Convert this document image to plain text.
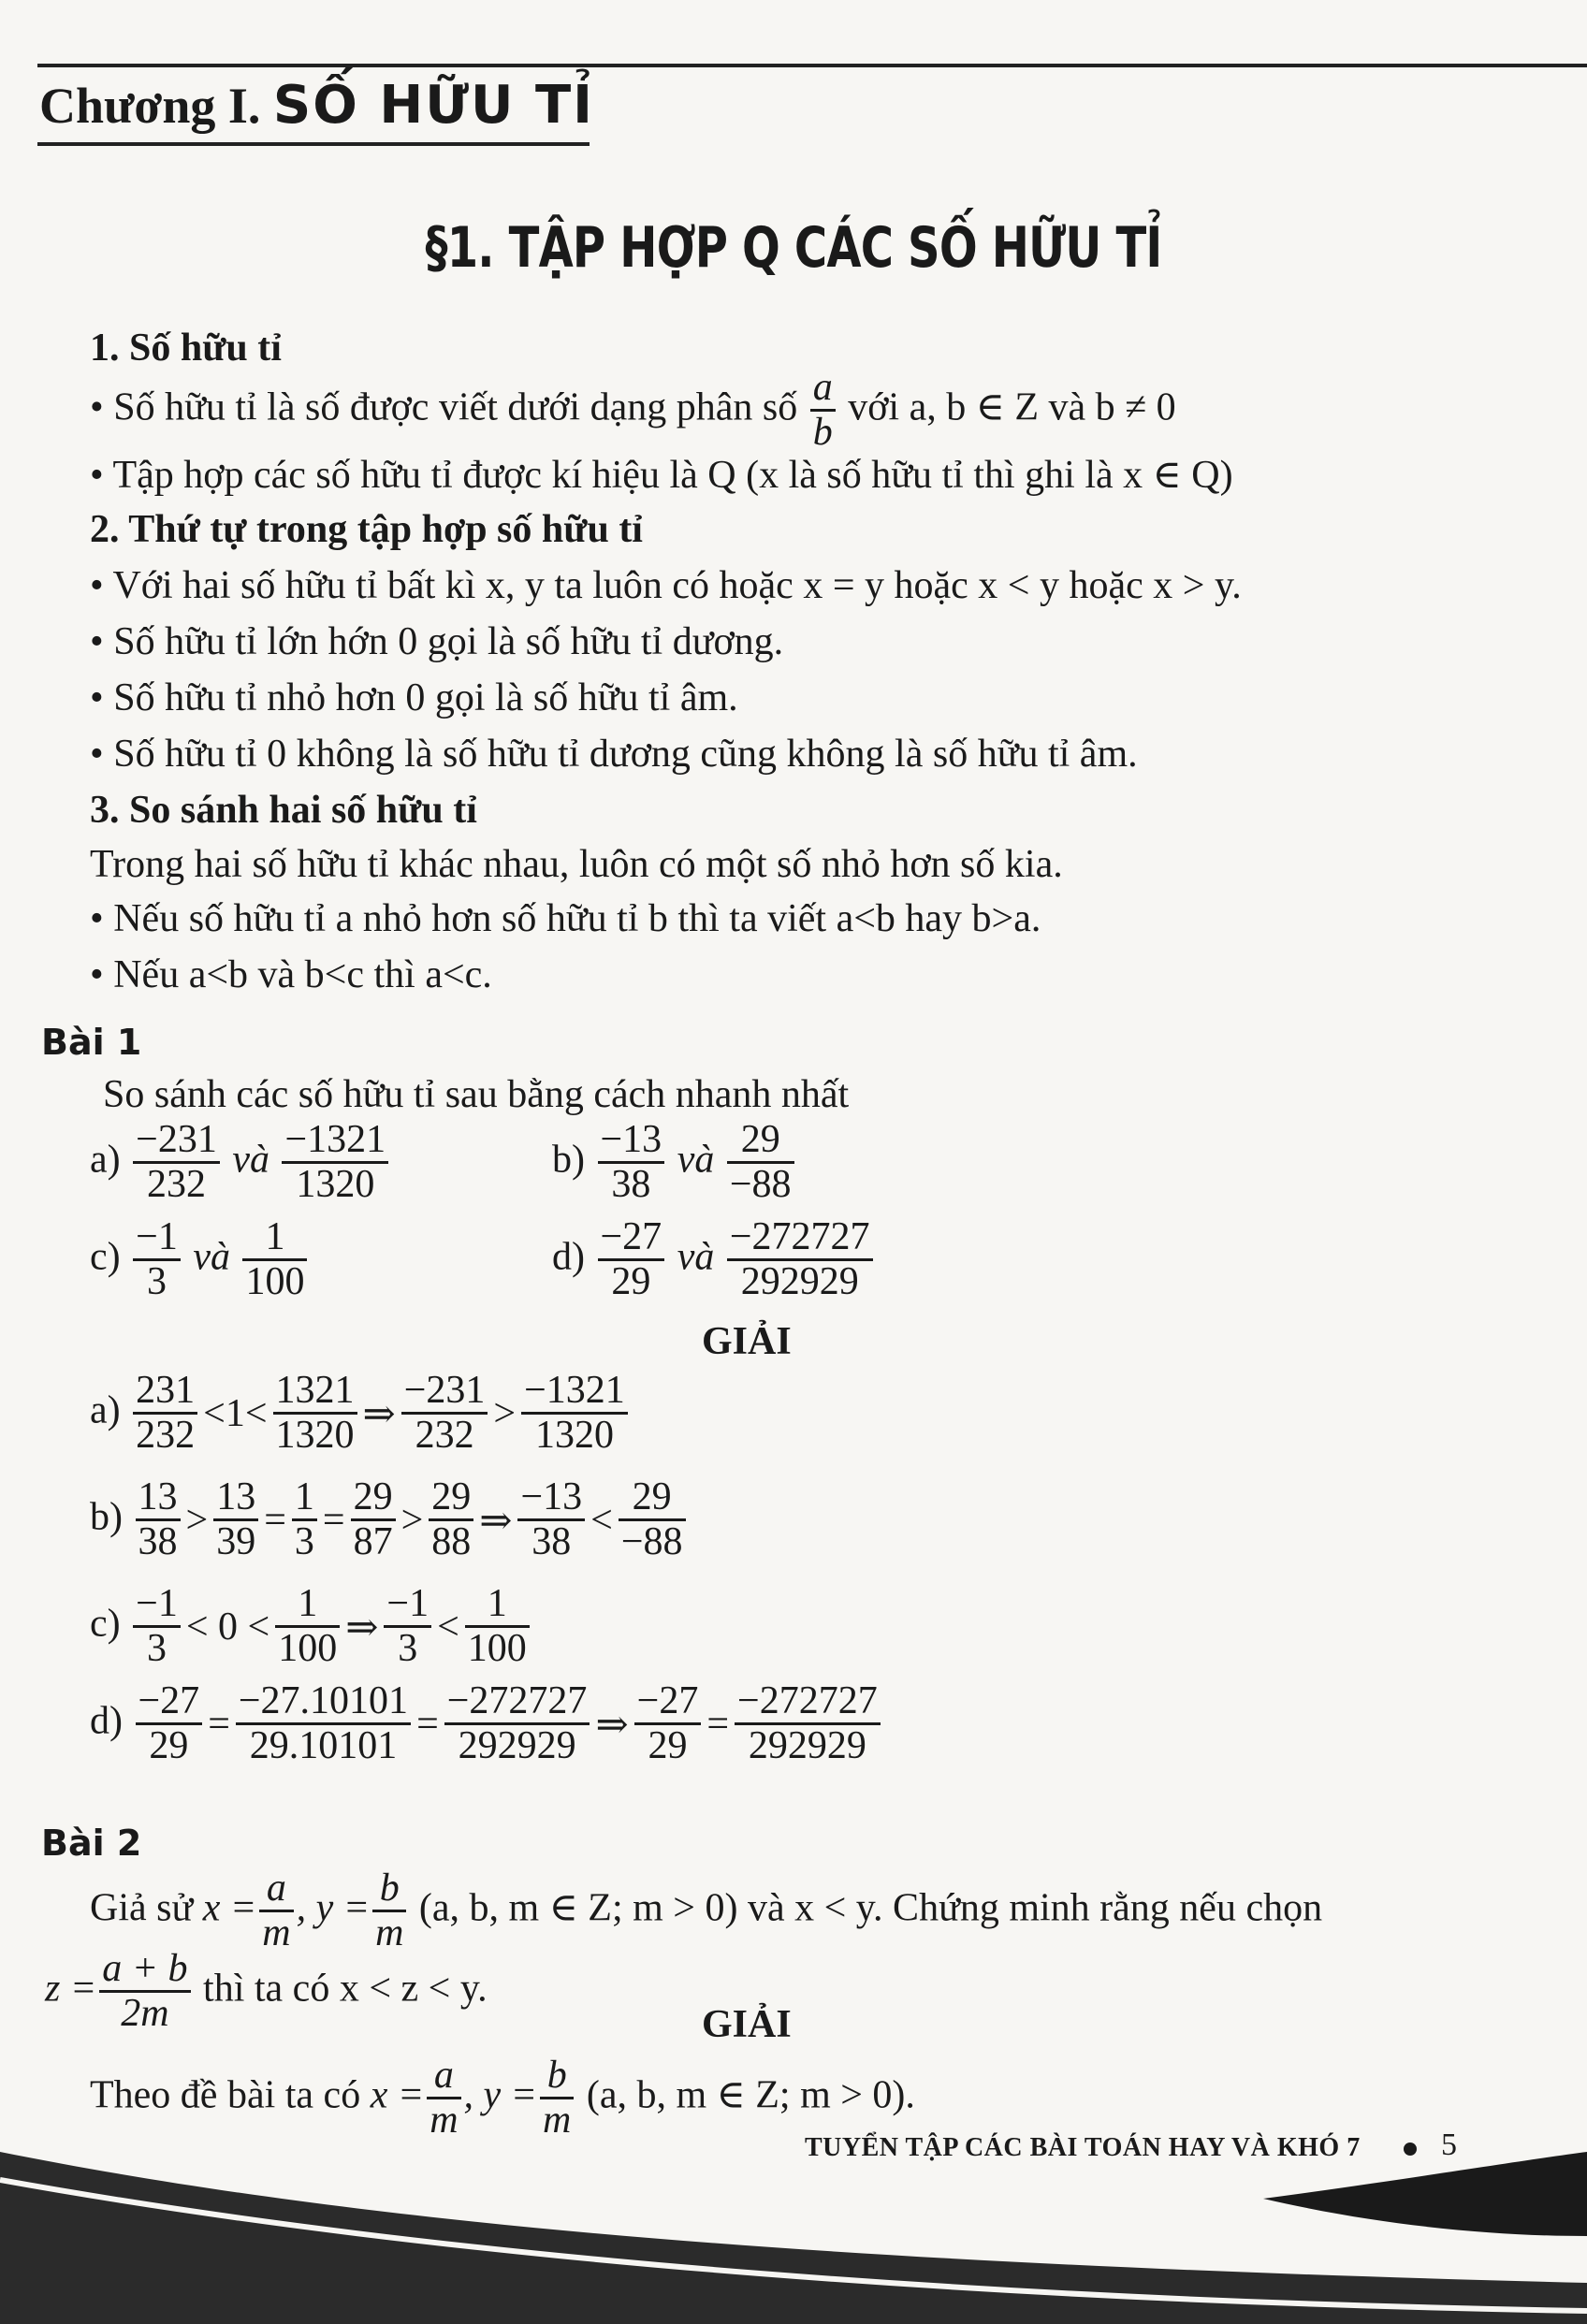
Chương I. SỐ HỮU TỈ
§1. TẬP HỢP Q CÁC SỐ HỮU TỈ
1. Số hữu tỉ
• Số hữu tỉ là số được viết dưới dạng phân số $\frac{a}{b}$ với a, b ∈ Z và b ≠ 0
• Tập hợp các số hữu tỉ được kí hiệu là Q (x là số hữu tỉ thì ghi là x ∈ Q)
2. Thứ tự trong tập hợp số hữu tỉ
• Với hai số hữu tỉ bất kì x, y ta luôn có hoặc x = y hoặc x < y hoặc x > y.
• Số hữu tỉ lớn hớn 0 gọi là số hữu tỉ dương.
• Số hữu tỉ nhỏ hơn 0 gọi là số hữu tỉ âm.
• Số hữu tỉ 0 không là số hữu tỉ dương cũng không là số hữu tỉ âm.
3. So sánh hai số hữu tỉ
Trong hai số hữu tỉ khác nhau, luôn có một số nhỏ hơn số kia.
• Nếu số hữu tỉ a nhỏ hơn số hữu tỉ b thì ta viết a<b hay b>a.
• Nếu a<b và b<c thì a<c.
Bài 1
So sánh các số hữu tỉ sau bằng cách nhanh nhất
$a) \frac{-231}{232}$ và $\frac{-1321}{1320}$	$b) \frac{-13}{38}$ và $\frac{29}{-88}$
$c) \frac{-1}{3}$ và $\frac{1}{100}$	$d) \frac{-27}{29}$ và $\frac{-272727}{292929}$
GIẢI
$a) \frac{231}{232} <1< \frac{1321}{1320}$ ⇒ $\frac{-231}{232} > \frac{-1321}{1320}$
$b) \frac{13}{38} > \frac{13}{39} = \frac{1}{3} = \frac{29}{87} > \frac{29}{88}$ ⇒ $\frac{-13}{38} < \frac{29}{-88}$
$c) \frac{-1}{3} < 0 < \frac{1}{100}$ ⇒ $\frac{-1}{3} < \frac{1}{100}$
$d) \frac{-27}{29} = \frac{-27.10101}{29.10101} = \frac{-272727}{292929}$ ⇒ $\frac{-27}{29} = \frac{-272727}{292929}$
Bài 2
Giả sử $x = \frac{a}{m}$ , $y = \frac{b}{m} (a$, b, m ∈ Z; m > 0) và x < y. Chứng minh rằng nếu chọn
$z = \frac{a + b}{2m}$ thì ta có x < z < y.
GIẢI
Theo đề bài ta có $x = \frac{a}{m}$ , $y = \frac{b}{m} (a$, b, m ∈ Z; m > 0).
TUYỂN TẬP CÁC BÀI TOÁN HAY VÀ KHÓ 7	5
